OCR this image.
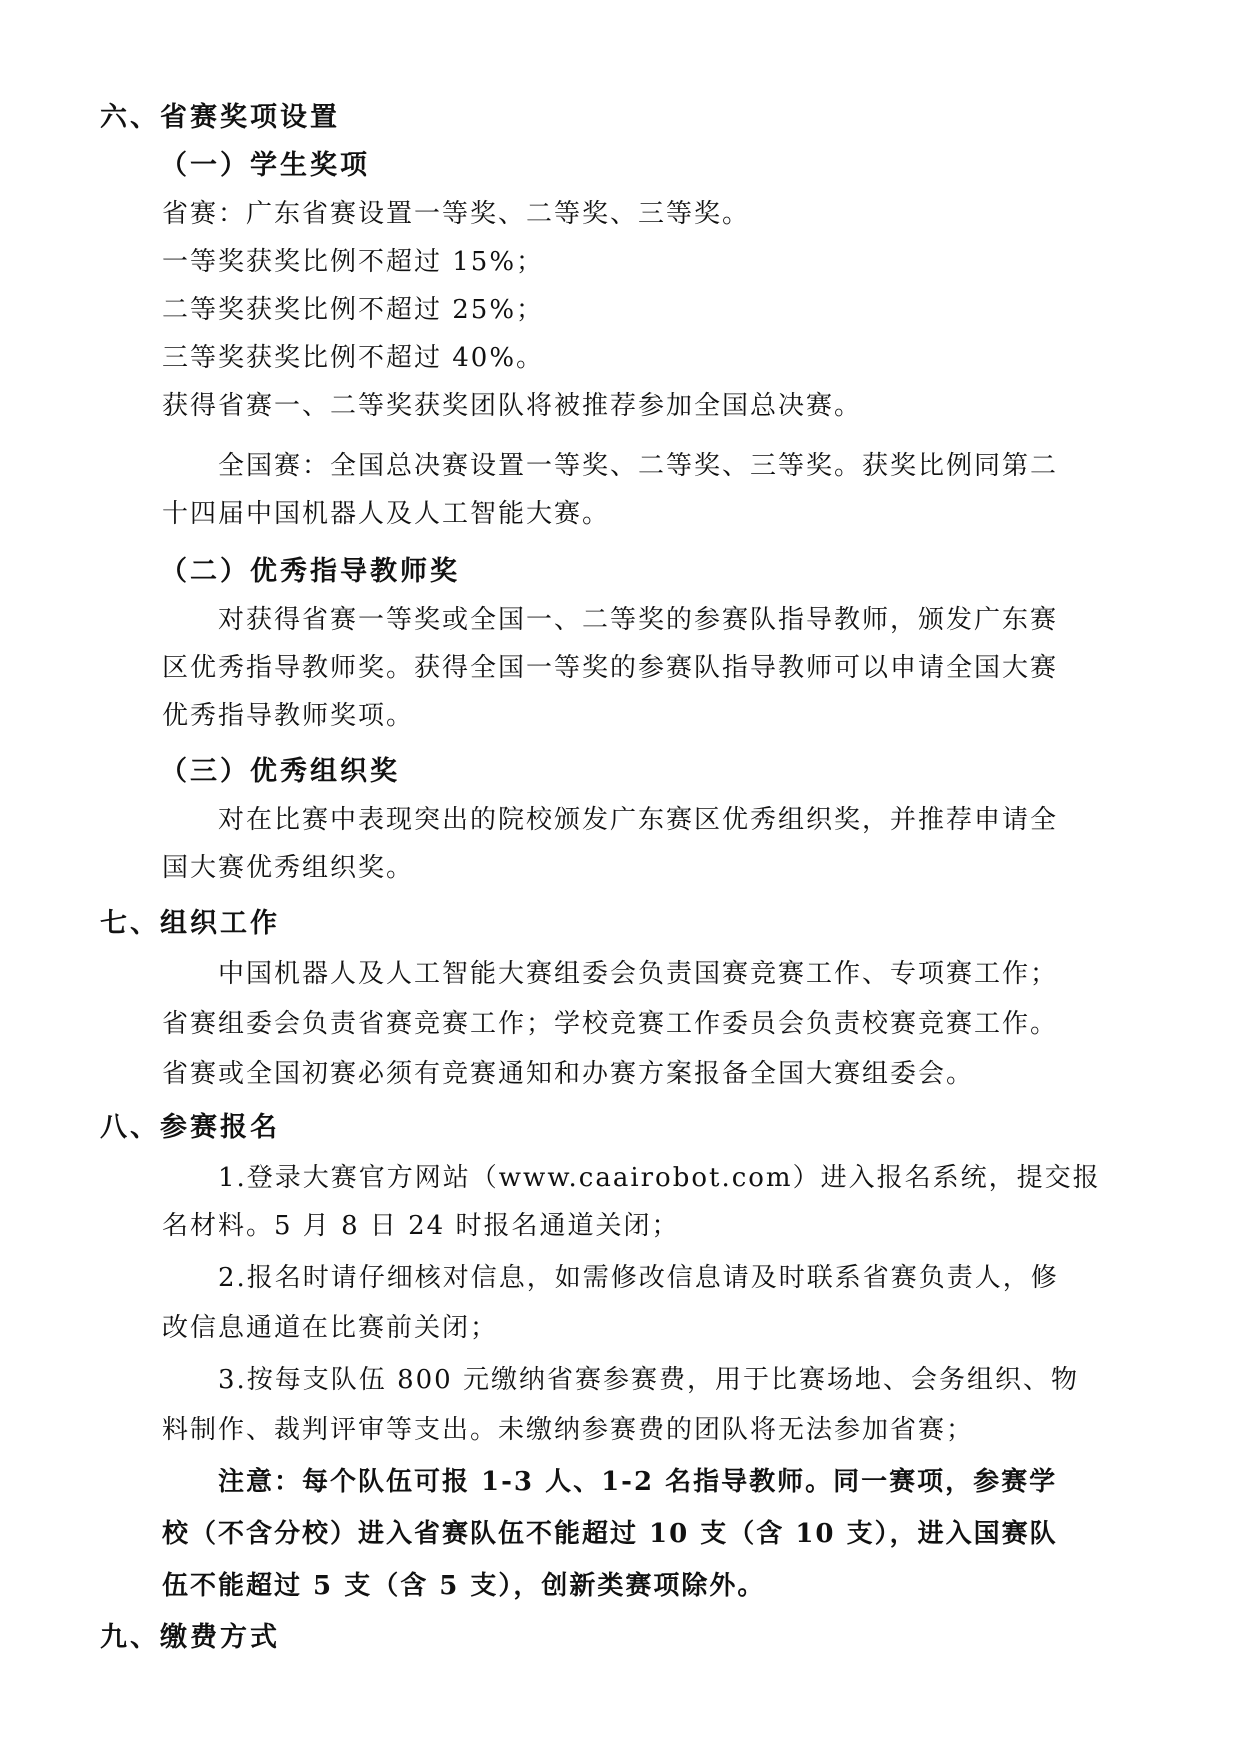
六、省赛奖项设置
（一）学生奖项
省赛：广东省赛设置一等奖、二等奖、三等奖。
一等奖获奖比例不超过 15%；
二等奖获奖比例不超过 25%；
三等奖获奖比例不超过 40%。
获得省赛一、二等奖获奖团队将被推荐参加全国总决赛。
全国赛：全国总决赛设置一等奖、二等奖、三等奖。获奖比例同第二
十四届中国机器人及人工智能大赛。
（二）优秀指导教师奖
对获得省赛一等奖或全国一、二等奖的参赛队指导教师，颁发广东赛
区优秀指导教师奖。获得全国一等奖的参赛队指导教师可以申请全国大赛
优秀指导教师奖项。
（三）优秀组织奖
对在比赛中表现突出的院校颁发广东赛区优秀组织奖，并推荐申请全
国大赛优秀组织奖。
七、组织工作
中国机器人及人工智能大赛组委会负责国赛竞赛工作、专项赛工作；
省赛组委会负责省赛竞赛工作；学校竞赛工作委员会负责校赛竞赛工作。
省赛或全国初赛必须有竞赛通知和办赛方案报备全国大赛组委会。
八、参赛报名
1.登录大赛官方网站（www.caairobot.com）进入报名系统，提交报
名材料。5 月 8 日 24 时报名通道关闭；
2.报名时请仔细核对信息，如需修改信息请及时联系省赛负责人，修
改信息通道在比赛前关闭；
3.按每支队伍 800 元缴纳省赛参赛费，用于比赛场地、会务组织、物
料制作、裁判评审等支出。未缴纳参赛费的团队将无法参加省赛；
注意：每个队伍可报 1-3 人、1-2 名指导教师。同一赛项，参赛学
校（不含分校）进入省赛队伍不能超过 10 支（含 10 支），进入国赛队
伍不能超过 5 支（含 5 支），创新类赛项除外。
九、缴费方式
